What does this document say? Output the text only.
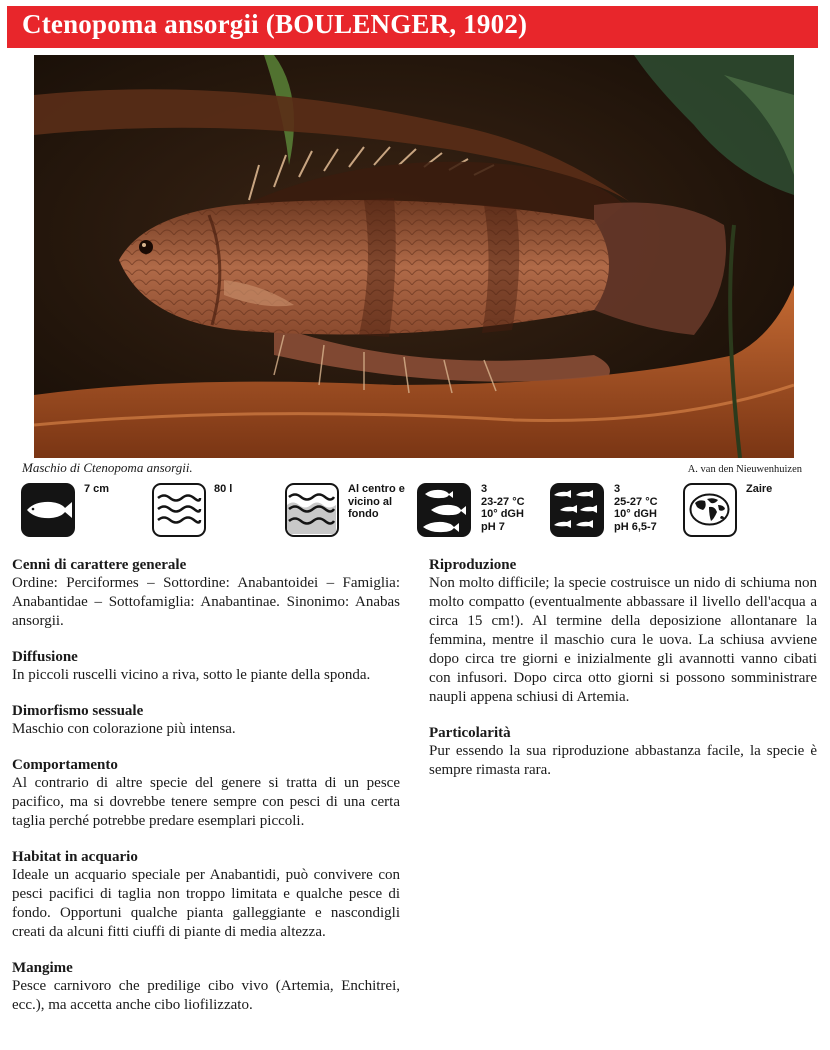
Ctenopoma ansorgii (BOULENGER, 1902)
Maschio di Ctenopoma ansorgii.	A. van den Nieuwenhuizen
7 cm	80 l	Al centro e
vicino al
fondo
3
23-27 °C
10° dGH
pH 7
3
25-27 °C
10° dGH
pH 6,5-7
Zaire
Cenni di carattere generale

Ordine: Perciformes – Sottordine: Anabantoidei – Famiglia: Anabantidae – Sottofamiglia: Anabantinae. Sinonimo: Anabas ansorgii.

Diffusione

In piccoli ruscelli vicino a riva, sotto le piante della sponda.

Dimorfismo sessuale

Maschio con colorazione più intensa.

Comportamento

Al contrario di altre specie del genere si tratta di un pesce pacifico, ma si dovrebbe tenere sempre con pesci di una certa taglia perché potrebbe predare esemplari piccoli.

Habitat in acquario

Ideale un acquario speciale per Anabantidi, può convivere con pesci pacifici di taglia non troppo limitata e qualche pesce di fondo. Opportuni qualche pianta galleggiante e nascondigli creati da alcuni fitti ciuffi di piante di media altezza.

Mangime

Pesce carnivoro che predilige cibo vivo (Artemia, Enchitrei, ecc.), ma accetta anche cibo liofilizzato.

Riproduzione

Non molto difficile; la specie costruisce un nido di schiuma non molto compatto (eventualmente abbassare il livello dell'acqua a circa 15 cm!). Al termine della deposizione allontanare la femmina, mentre il maschio cura le uova. La schiusa avviene dopo circa tre giorni e inizialmente gli avannotti vanno cibati con infusori. Dopo circa otto giorni si possono somministrare naupli appena schiusi di Artemia.

Particolarità

Pur essendo la sua riproduzione abbastanza facile, la specie è sempre rimasta rara.
